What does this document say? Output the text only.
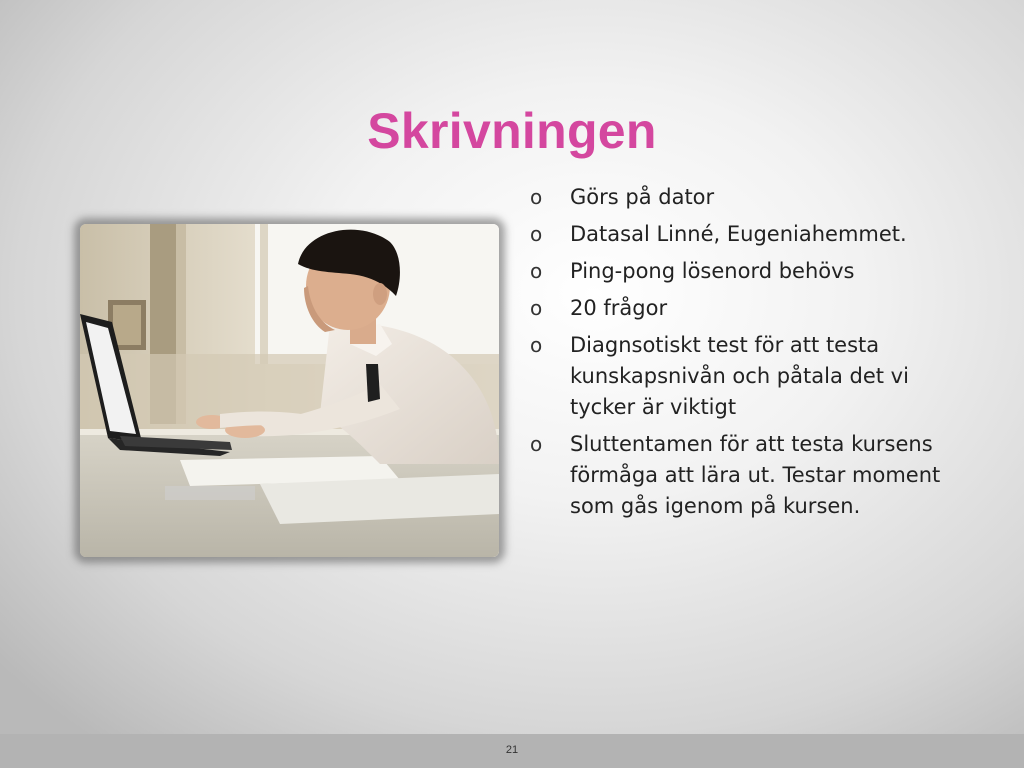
Skrivningen
o Görs på dator
o Datasal Linné, Eugeniahemmet.
o Ping-pong lösenord behövs
o 20 frågor
o Diagnsotiskt test för att testa kunskapsnivån och påtala det vi tycker är viktigt
o Sluttentamen för att testa kursens förmåga att lära ut. Testar moment som gås igenom på kursen.
21
